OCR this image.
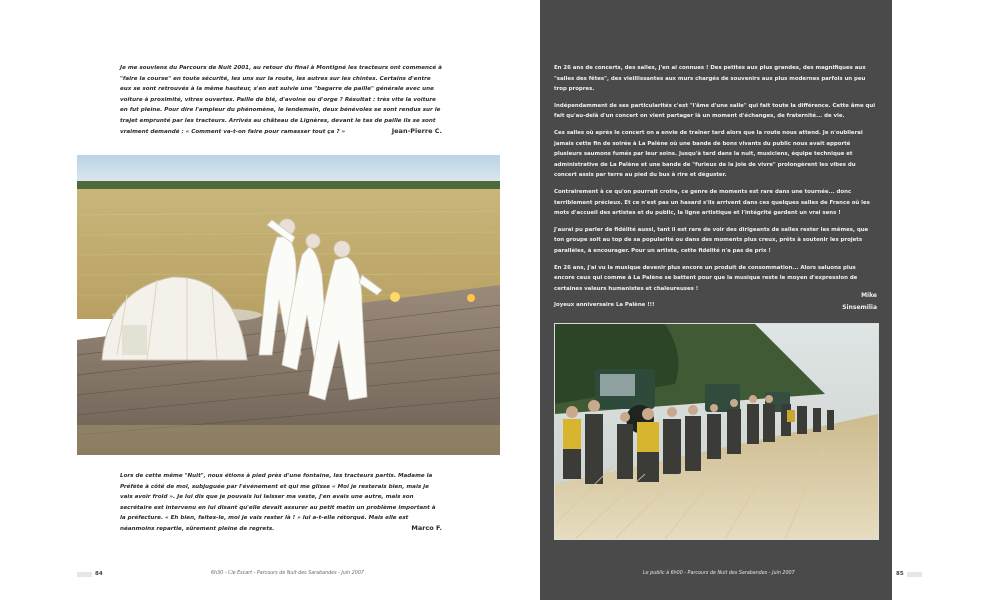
Je me souviens du Parcours de Nuit 2001, au retour du final à Montigné les tracteurs ont commencé à "faire la course" en toute sécurité, les uns sur la route, les autres sur les chintes. Certains d'entre eux se sont retrouvés à la même hauteur, s'en est suivie une "bagarre de paille" générale avec une voiture à proximité, vitres ouvertes. Paille de blé, d'avoine ou d'orge ? Résultat : très vite la voiture en fut pleine. Pour dire l'ampleur du phénomène, le lendemain, deux bénévoles se sont rendus sur le trajet emprunté par les tracteurs. Arrivés au château de Lignères, devant le tas de paille ils se sont vraiment demandé : « Comment va-t-on faire pour ramasser tout ça ? »	Jean-Pierre C.

Lors de cette même "Nuit", nous étions à pied près d'une fontaine, les tracteurs partis. Madame la Préfète à côté de moi, subjuguée par l'événement et qui me glisse « Moi je resterais bien, mais je vais avoir froid ». Je lui dis que je pouvais lui laisser ma veste, j'en avais une autre, mais son secrétaire est intervenu en lui disant qu'elle devait assurer au petit matin un problème important à la préfecture. « Eh bien, faites-le, moi je vais rester là ! » lui a-t-elle rétorqué. Mais elle est néanmoins repartie, sûrement pleine de regrets.	Marco F.
84	6h30 - Cie Escart - Parcours de Nuit des Sarabandes - Juin 2007

En 26 ans de concerts, des salles, j'en ai connues ! Des petites aux plus grandes, des magnifiques aux "salles des fêtes", des vieillissantes aux murs chargés de souvenirs aux plus modernes parfois un peu trop propres.

Indépendamment de ses particularités c'est "l'âme d'une salle" qui fait toute la différence. Cette âme qui fait qu'au-delà d'un concert on vient partager là un moment d'échanges, de fraternité... de vie.

Ces salles où après le concert on a envie de traîner tard alors que la route nous attend. Je n'oublierai jamais cette fin de soirée à La Palène où une bande de bons vivants du public nous avait apporté plusieurs saumons fumés par leur soins. Jusqu'à tard dans la nuit, musiciens, équipe technique et administrative de La Palène et une bande de "furieux de la joie de vivre" prolongèrent les vibes du concert assis par terre au pied du bus à rire et déguster.

Contrairement à ce qu'on pourrait croire, ce genre de moments est rare dans une tournée... donc terriblement précieux. Et ce n'est pas un hasard s'ils arrivent dans ces quelques salles de France où les mots d'accueil des artistes et du public, la ligne artistique et l'intégrité gardent un vrai sens !

J'aurai pu parler de fidélité aussi, tant il est rare de voir des dirigeants de salles rester les mêmes, que ton groupe soit au top de sa popularité ou dans des moments plus creux, prêts à soutenir les projets parallèles, à encourager. Pour un artiste, cette fidélité n'a pas de prix !

En 26 ans, j'ai vu la musique devenir plus encore un produit de consommation... Alors saluons plus encore ceux qui comme à La Palène se battent pour que la musique reste le moyen d'expression de certaines valeurs humanistes et chaleureuses !

Joyeux anniversaire La Palène !!!

Mike
Sinsemilia
Le public à 6h00 - Parcours de Nuit des Sarabandes - Juin 2007	85
